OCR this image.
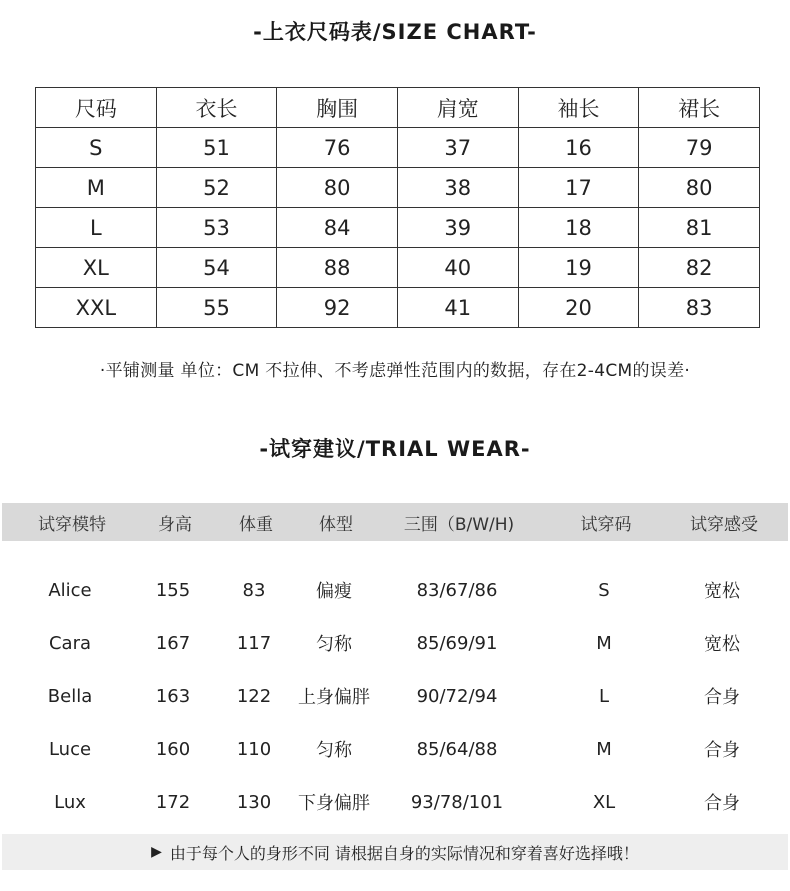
-上衣尺码表/SIZE CHART-
尺码	衣长	胸围	肩宽	袖长	裙长
S	51	76	37	16	79
M	52	80	38	17	80
L	53	84	39	18	81
XL	54	88	40	19	82
XXL	55	92	41	20	83
·平铺测量 单位：CM 不拉伸、不考虑弹性范围内的数据，存在2-4CM的误差·
-试穿建议/TRIAL WEAR-
试穿模特	身高	体重	体型	三围（B/W/H)	试穿码	试穿感受
Alice	155	83	偏瘦	83/67/86	S	宽松
Cara	167	117	匀称	85/69/91	M	宽松
Bella	163	122	上身偏胖	90/72/94	L	合身
Luce	160	110	匀称	85/64/88	M	合身
Lux	172	130	下身偏胖	93/78/101	XL	合身
▶ 由于每个人的身形不同 请根据自身的实际情况和穿着喜好选择哦！
